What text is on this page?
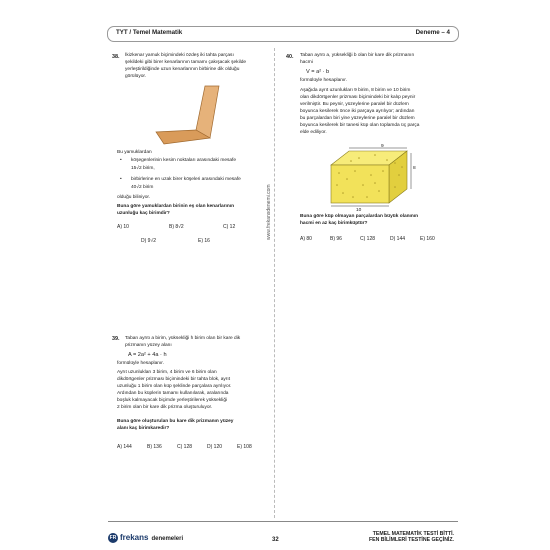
TYT / Temel Matematik	Deneme – 4
www.frekansdenemi.com
38. İkizkenar yamuk biçimindeki özdeş iki tahta parçası
şekildeki gibi birer kenarlarının tamamı çakışacak şekilde
yerleştirildiğinde uzun kenarlarının birbirine dik olduğu
görülüyor.
Bu yamuklardan
• köşegenlerinin kesim noktaları arasındaki mesafe
15√2 birim,
• birbirlerine en uzak birer köşeleri arasındaki mesafe
40√2 birim
olduğu biliniyor.
Buna göre yamuklardan birinin eş olan kenarlarının
uzunluğu kaç birimdir?
A) 10	B) 8√2	C) 12
D) 9√2	E) 16
39. Taban ayrıtı a birim, yüksekliği h birim olan bir kare dik
prizmanın yüzey alanı
A = 2a² + 4a · h
formülüyle hesaplanır.
Ayrıt uzunlukları 3 birim, 4 birim ve 6 birim olan
dikdörtgenler prizması biçimindeki bir tahta blok, ayrıt
uzunluğu 1 birim olan küp şeklinde parçalara ayrılıyor.
Ardından bu küplerin tamamı kullanılarak, aralarında
boşluk kalmayacak biçimde yerleştirilerek yüksekliği
2 birim olan bir kare dik prizma oluşturuluyor.
Buna göre oluşturulan bu kare dik prizmanın yüzey
alanı kaç birimkaredir?
A) 144	B) 136	C) 128	D) 120	E) 108
40. Taban ayrıtı a, yüksekliği b olan bir kare dik prizmanın
hacmi
V = a² · b
formülüyle hesaplanır.
Aşağıda ayrıt uzunlukları 9 birim, 8 birim ve 10 birim
olan dikdörtgenler prizması biçimindeki bir kalıp peynir
verilmiştir. Bu peynir, yüzeylerine paralel bir düzlem
boyunca kesilerek önce iki parçaya ayrılıyor; ardından
bu parçalardan biri yine yüzeylerine paralel bir düzlem
boyunca kesilerek bir tanesi küp olan toplamda üç parça
elde ediliyor.
9
8
10
Buna göre küp olmayan parçalardan büyük olanının
hacmi en az kaç birimküptür?
A) 80	B) 96	C) 128	D) 144	E) 160
FR frekans denemeleri	32
TEMEL MATEMATİK TESTİ BİTTİ.
FEN BİLİMLERİ TESTİNE GEÇİNİZ.
